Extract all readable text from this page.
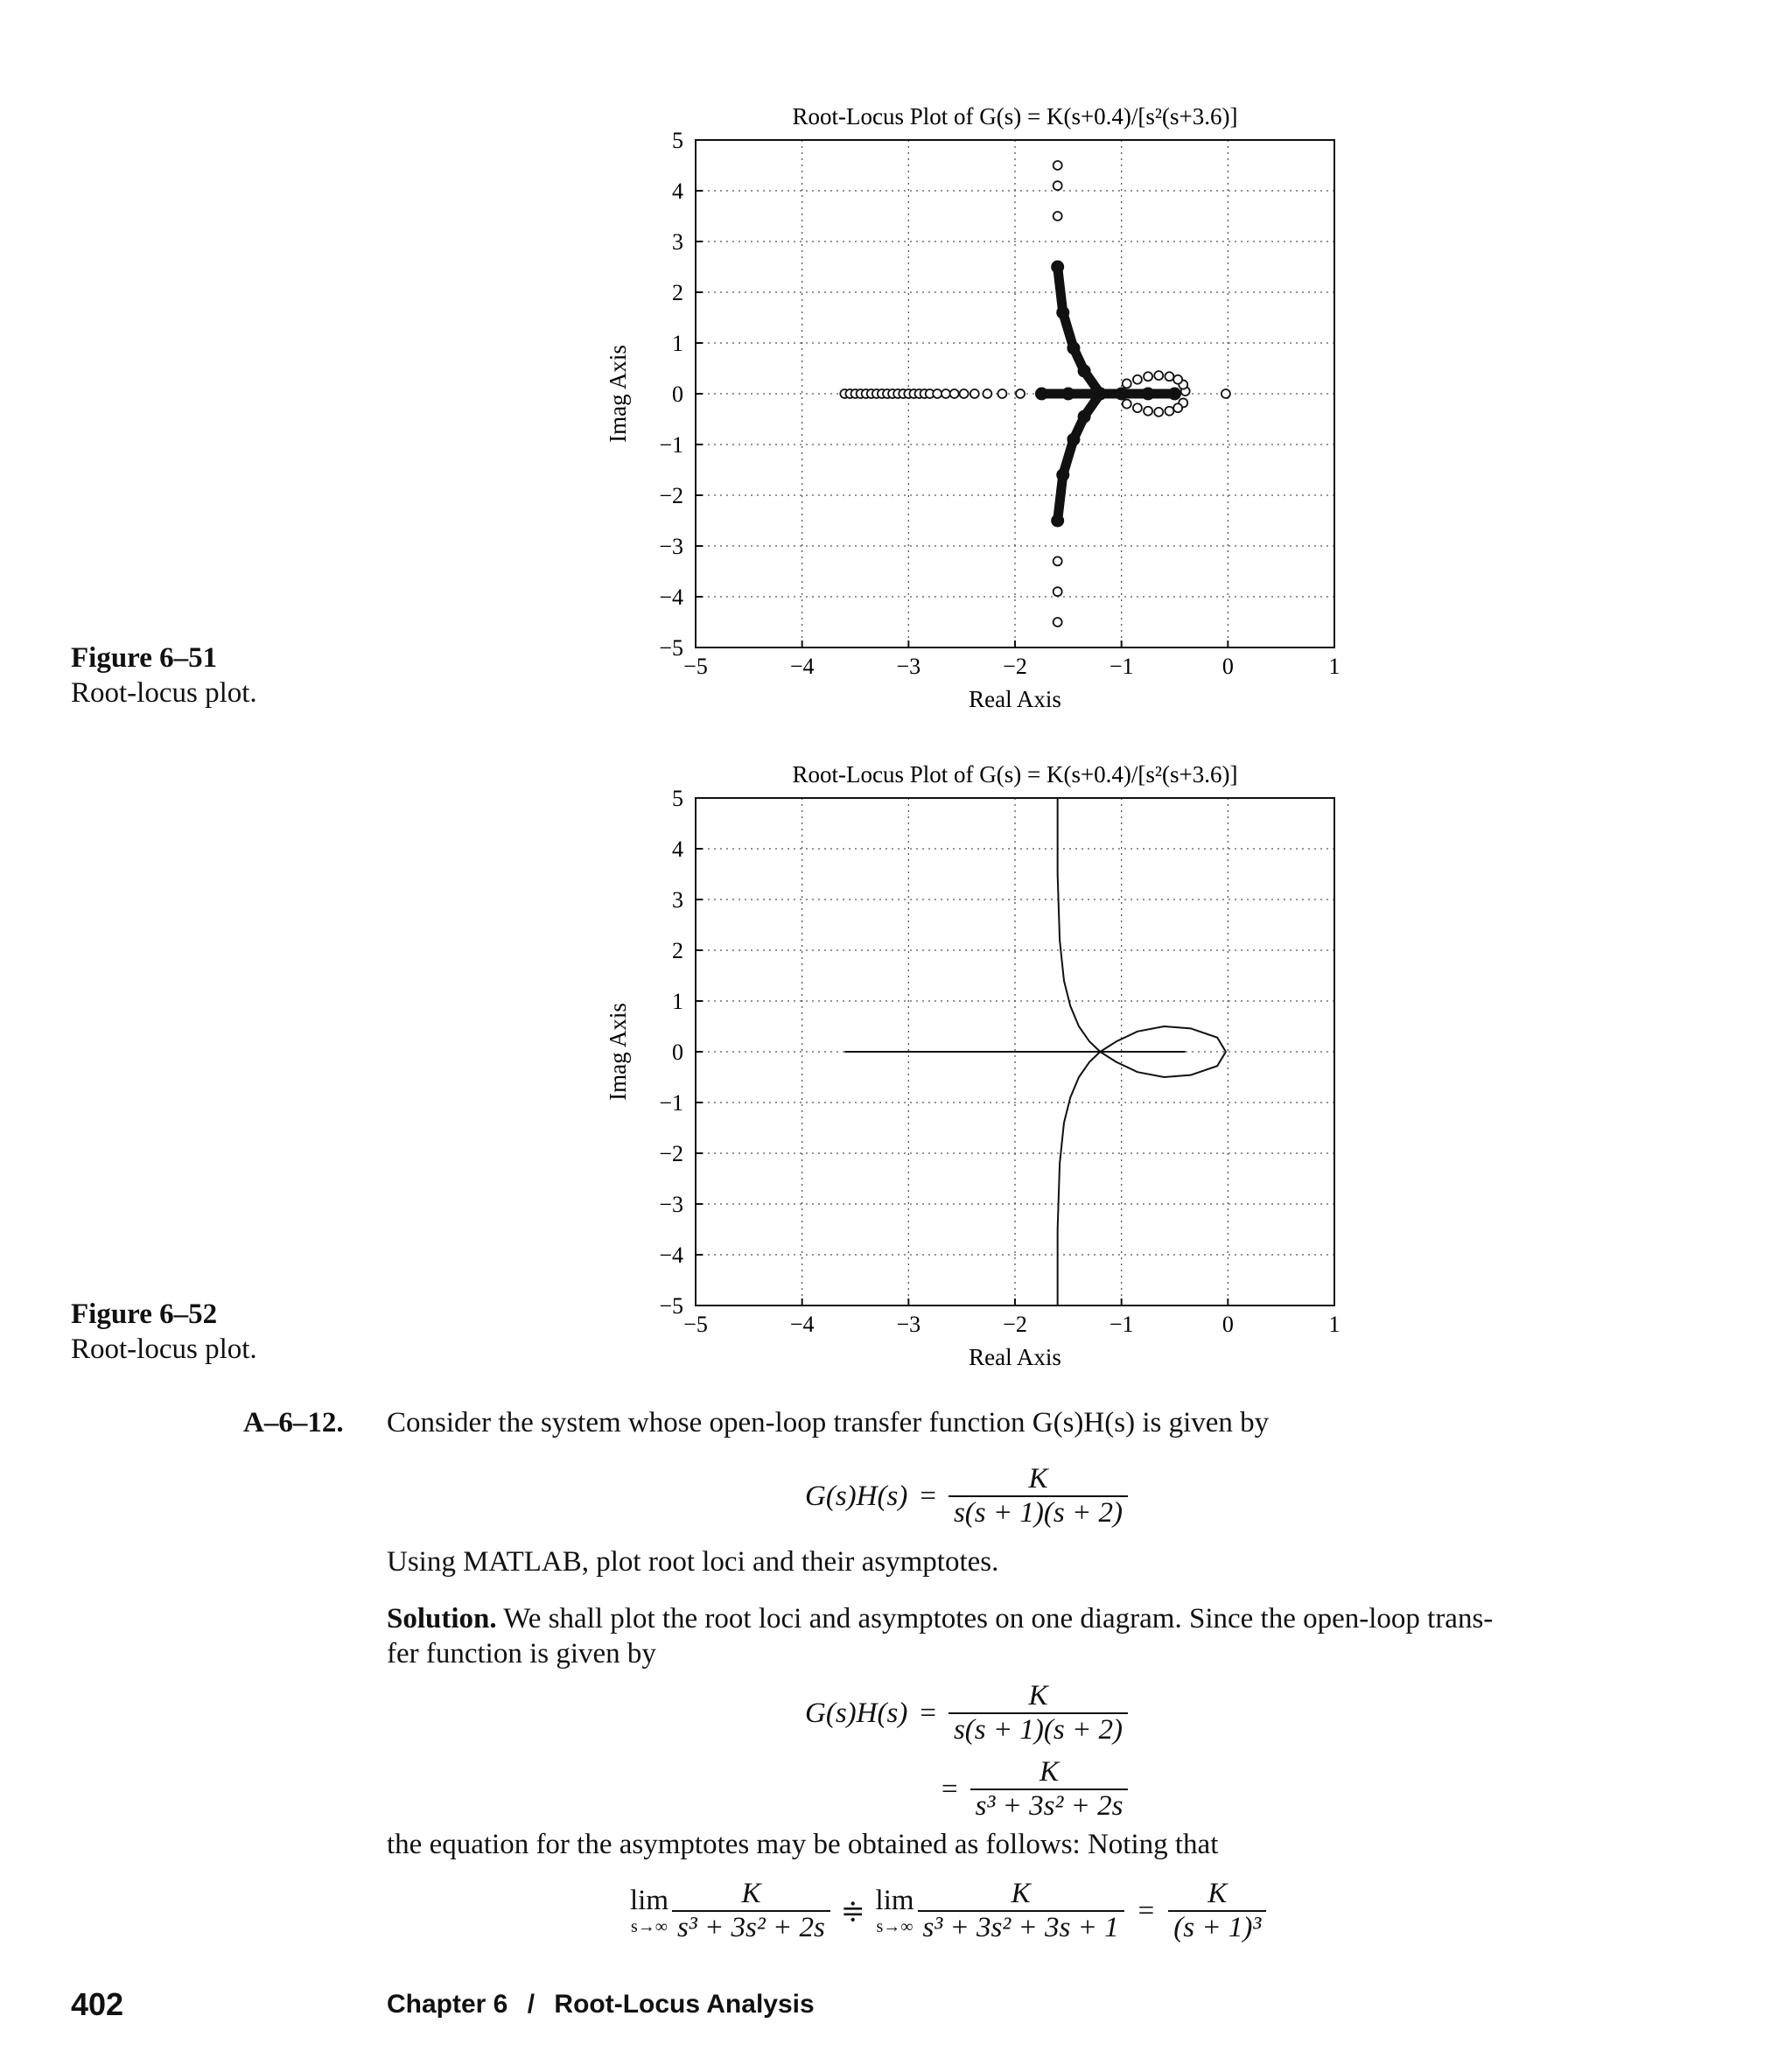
Figure 6–51
Root-locus plot.
Figure 6–52
Root-locus plot.
Root-Locus Plot of G(s) = K(s+0.4)/[s²(s+3.6)]
−5	−4	−3	−2	−1	0	1
5
4
3
2
1
0
−1
−2
−3
−4
−5
Real Axis
Imag Axis
Root-Locus Plot of G(s) = K(s+0.4)/[s²(s+3.6)]
−5	−4	−3	−2	−1	0	1
5
4
3
2
1
0
−1
−2
−3
−4
−5
Real Axis
Imag Axis
A–6–12. Consider the system whose open-loop transfer function G(s)H(s) is given by
$G(s)H(s) = \frac{K}{s(s + 1)(s + 2)}$
Using MATLAB, plot root loci and their asymptotes.
Solution. We shall plot the root loci and asymptotes on one diagram. Since the open-loop trans-
fer function is given by
$G(s)H(s) = \frac{K}{s(s + 1)(s + 2)}$
= $\frac{K}{\text{s³ + 3s² + 2s}}$
the equation for the asymptotes may be obtained as follows: Noting that
lim
$s\to\infty \frac{K}{\text{s³ + 3s² + 2s}}$ ≑ lim
$s\to\infty \frac{K}{\text{s³ + 3s² + 3s + 1}} = \frac{K}{\text{(s + 1)³}}$
402	Chapter 6 / Root-Locus Analysis
